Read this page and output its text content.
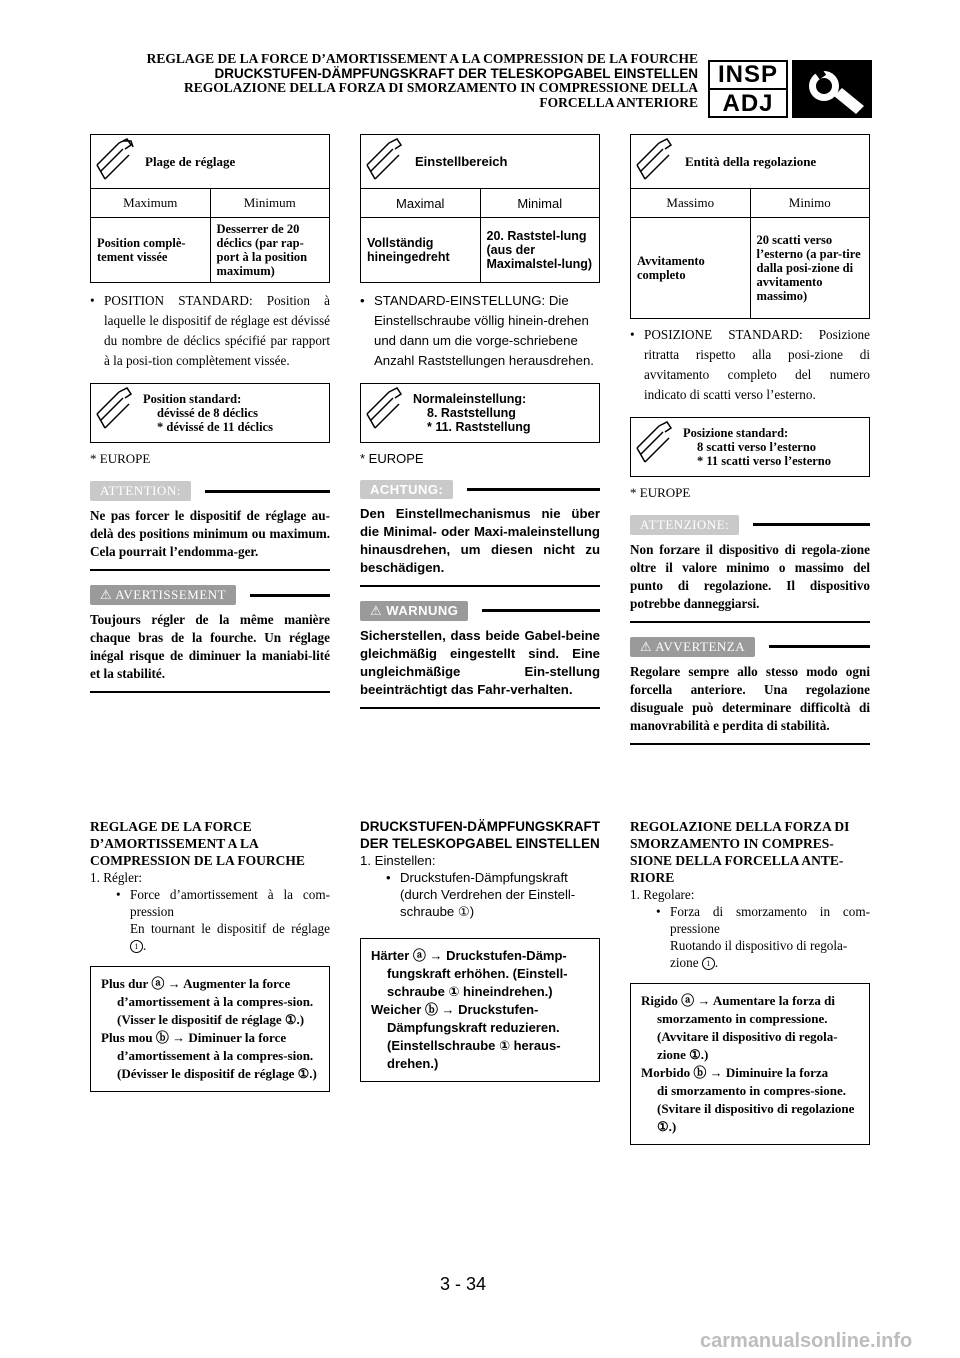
REGLAGE DE LA FORCE D’AMORTISSEMENT A LA COMPRESSION DE LA FOURCHE
DRUCKSTUFEN-DÄMPFUNGSKRAFT DER TELESKOPGABEL EINSTELLEN
REGOLAZIONE DELLA FORZA DI SMORZAMENTO IN COMPRESSIONE DELLA
FORCELLA ANTERIORE
INSP
ADJ
Plage de réglage
Maximum	Minimum
Position complè-tement vissée	Desserrer de 20 déclics (par rap-port à la position maximum)
• POSITION STANDARD: Position à laquelle le dispositif de réglage est dévissé du nombre de déclics spécifié par rapport à la posi-tion complètement vissée.
Position standard:
dévissé de 8 déclics
* dévissé de 11 déclics
* EUROPE
ATTENTION:
Ne pas forcer le dispositif de réglage au-delà des positions minimum ou maximum. Cela pourrait l’endomma-ger.
⚠ AVERTISSEMENT
Toujours régler de la même manière chaque bras de la fourche. Un réglage inégal risque de diminuer la maniabi-lité et la stabilité.
Einstellbereich
Maximal	Minimal
Vollständig hineingedreht	20. Raststel-lung (aus der Maximalstel-lung)
• STANDARD-EINSTELLUNG: Die Einstellschraube völlig hinein-drehen und dann um die vorge-schriebene Anzahl Raststellungen herausdrehen.
Normaleinstellung:
8. Raststellung
* 11. Raststellung
* EUROPE
ACHTUNG:
Den Einstellmechanismus nie über die Minimal- oder Maxi-maleinstellung hinausdrehen, um diesen nicht zu beschädigen.
⚠ WARNUNG
Sicherstellen, dass beide Gabel-beine gleichmäßig eingestellt sind. Eine ungleichmäßige Ein-stellung beeinträchtigt das Fahr-verhalten.
Entità della regolazione
Massimo	Minimo
Avvitamento completo	20 scatti verso l’esterno (a par-tire dalla posi-zione di avvitamento massimo)
• POSIZIONE STANDARD: Posizione ritratta rispetto alla posi-zione di avvitamento completo del numero indicato di scatti verso l’esterno.
Posizione standard:
8 scatti verso l’esterno
* 11 scatti verso l’esterno
* EUROPE
ATTENZIONE:
Non forzare il dispositivo di regola-zione oltre il valore minimo o massimo del punto di regolazione. Il dispositivo potrebbe danneggiarsi.
⚠ AVVERTENZA
Regolare sempre allo stesso modo ogni forcella anteriore. Una regolazione disuguale può determinare difficoltà di manovrabilità e perdita di stabilità.
REGLAGE DE LA FORCE D’AMORTISSEMENT A LA COMPRESSION DE LA FOURCHE
1. Régler:
• Force d’amortissement à la com-pression
En tournant le dispositif de réglage 1 .
Plus dur ⓐ → Augmenter la force
d’amortissement à la compres-sion. (Visser le dispositif de réglage ①.)
Plus mou ⓑ → Diminuer la force
d’amortissement à la compres-sion. (Dévisser le dispositif de réglage ①.)
DRUCKSTUFEN-DÄMPFUNGSKRAFT DER TELESKOPGABEL EINSTELLEN
1. Einstellen:
• Druckstufen-Dämpfungskraft (durch Verdrehen der Einstell-schraube ①)
Härter ⓐ → Druckstufen-Dämp-
fungskraft erhöhen. (Einstell-schraube ① hineindrehen.)
Weicher ⓑ → Druckstufen-
Dämpfungskraft reduzieren. (Einstellschraube ① heraus-drehen.)
REGOLAZIONE DELLA FORZA DI SMORZAMENTO IN COMPRES-SIONE DELLA FORCELLA ANTE-RIORE
1. Regolare:
• Forza di smorzamento in com-pressione
Ruotando il dispositivo di regola-zione 1 .
Rigido ⓐ → Aumentare la forza di
smorzamento in compressione. (Avvitare il dispositivo di regola-zione ①.)
Morbido ⓑ → Diminuire la forza
di smorzamento in compres-sione. (Svitare il dispositivo di regolazione ①.)
3 - 34
carmanualsonline.info
